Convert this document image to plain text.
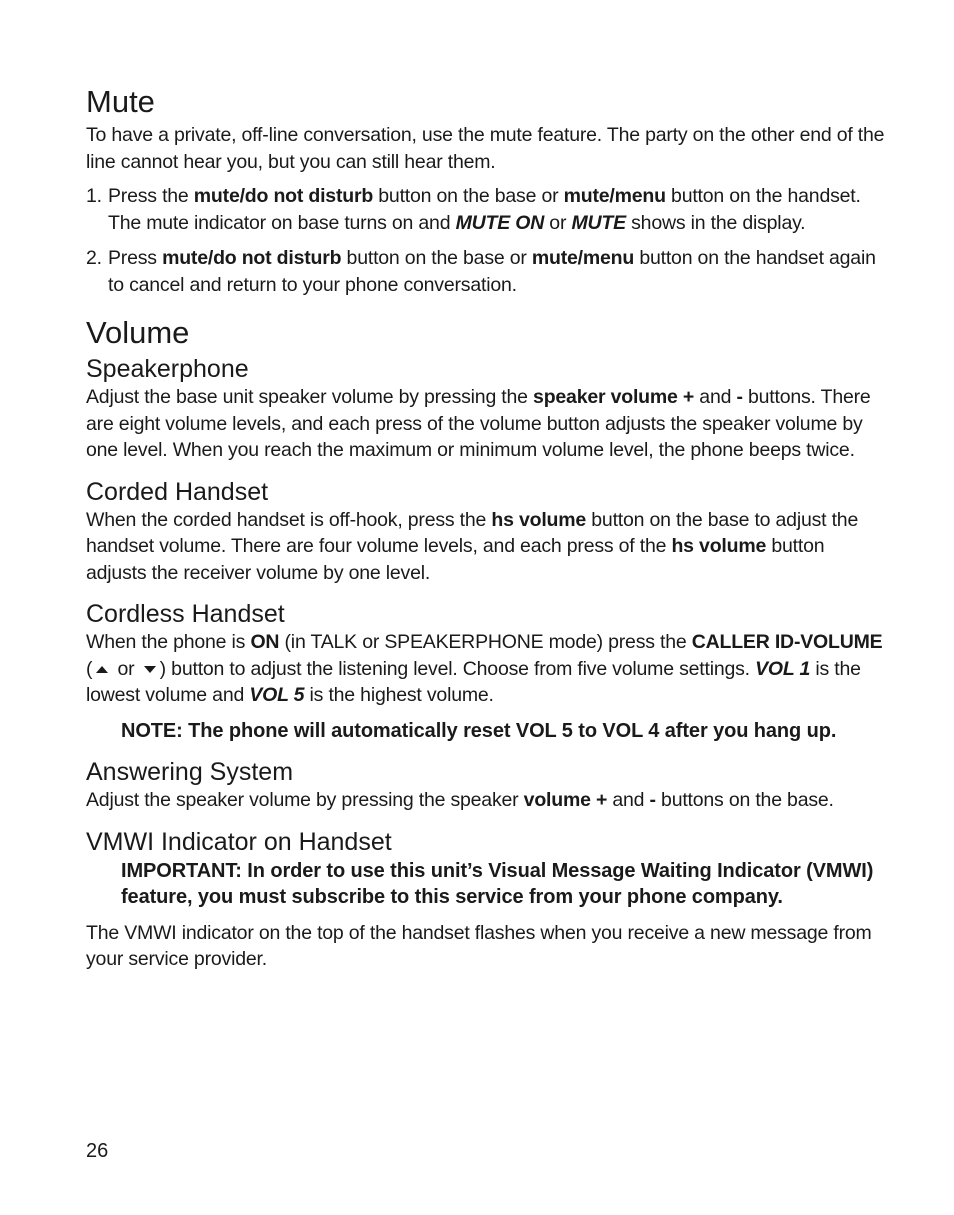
Mute

To have a private, off-line conversation, use the mute feature. The party on the other end of the line cannot hear you, but you can still hear them.

1. Press the mute/do not disturb button on the base or mute/menu button on the handset. The mute indicator on base turns on and MUTE ON or MUTE shows in the display.
2. Press mute/do not disturb button on the base or mute/menu button on the handset again to cancel and return to your phone conversation.
Volume
Speakerphone

Adjust the base unit speaker volume by pressing the speaker volume + and - buttons. There are eight volume levels, and each press of the volume button adjusts the speaker volume by one level. When you reach the maximum or minimum volume level, the phone beeps twice.

Corded Handset

When the corded handset is off-hook, press the hs volume button on the base to adjust the handset volume. There are four volume levels, and each press of the hs volume button adjusts the receiver volume by one level.

Cordless Handset

When the phone is ON (in TALK or SPEAKERPHONE mode) press the CALLER ID-VOLUME ( or ) button to adjust the listening level. Choose from five volume settings. VOL 1 is the lowest volume and VOL 5 is the highest volume.

NOTE: The phone will automatically reset VOL 5 to VOL 4 after you hang up.

Answering System

Adjust the speaker volume by pressing the speaker volume + and - buttons on the base.

VMWI Indicator on Handset

IMPORTANT: In order to use this unit’s Visual Message Waiting Indicator (VMWI) feature, you must subscribe to this service from your phone company.

The VMWI indicator on the top of the handset flashes when you receive a new message from your service provider.

26
